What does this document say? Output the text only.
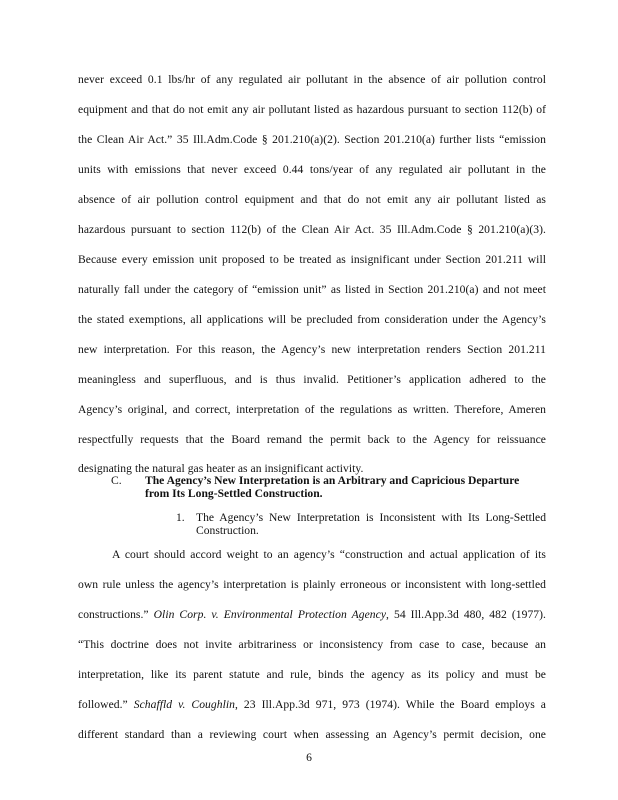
never exceed 0.1 lbs/hr of any regulated air pollutant in the absence of air pollution control
equipment and that do not emit any air pollutant listed as hazardous pursuant to section 112(b) of
the Clean Air Act.” 35 Ill.Adm.Code § 201.210(a)(2). Section 201.210(a) further lists “emission
units with emissions that never exceed 0.44 tons/year of any regulated air pollutant in the
absence of air pollution control equipment and that do not emit any air pollutant listed as
hazardous pursuant to section 112(b) of the Clean Air Act. 35 Ill.Adm.Code § 201.210(a)(3).
Because every emission unit proposed to be treated as insignificant under Section 201.211 will
naturally fall under the category of “emission unit” as listed in Section 201.210(a) and not meet
the stated exemptions, all applications will be precluded from consideration under the Agency’s
new interpretation. For this reason, the Agency’s new interpretation renders Section 201.211
meaningless and superfluous, and is thus invalid. Petitioner’s application adhered to the
Agency’s original, and correct, interpretation of the regulations as written. Therefore, Ameren
respectfully requests that the Board remand the permit back to the Agency for reissuance
designating the natural gas heater as an insignificant activity.
C. The Agency’s New Interpretation is an Arbitrary and Capricious Departure
from Its Long-Settled Construction.
1. The Agency’s New Interpretation is Inconsistent with Its Long-Settled
Construction.
A court should accord weight to an agency’s “construction and actual application of its
own rule unless the agency’s interpretation is plainly erroneous or inconsistent with long-settled
constructions.” Olin Corp. v. Environmental Protection Agency, 54 Ill.App.3d 480, 482 (1977).
“This doctrine does not invite arbitrariness or inconsistency from case to case, because an
interpretation, like its parent statute and rule, binds the agency as its policy and must be
followed.” Schaffld v. Coughlin, 23 Ill.App.3d 971, 973 (1974). While the Board employs a
different standard than a reviewing court when assessing an Agency’s permit decision, one
6
